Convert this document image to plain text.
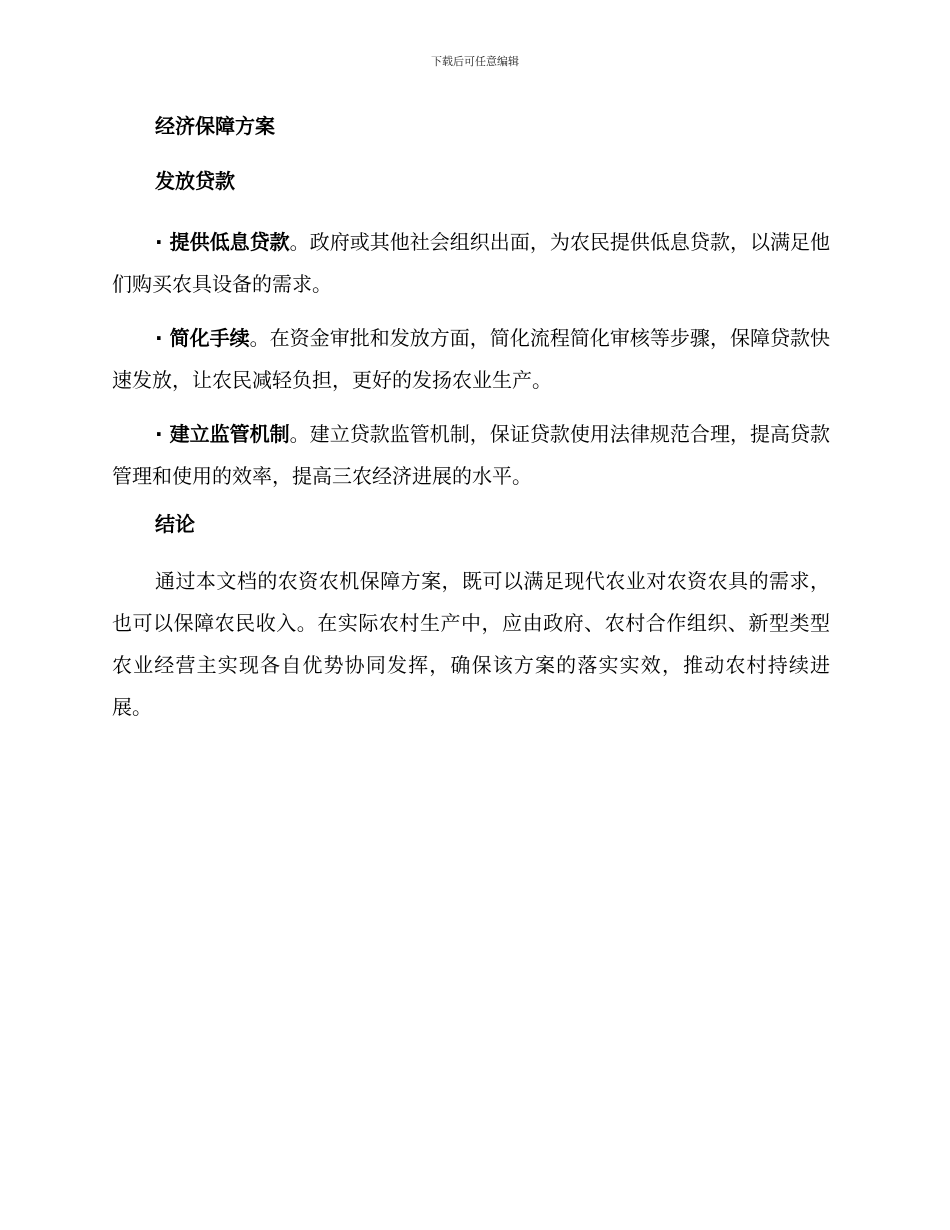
下载后可任意编辑
经济保障方案
发放贷款

· 提供低息贷款。政府或其他社会组织出面，为农民提供低息贷款，以满足他们购买农具设备的需求。

· 简化手续。在资金审批和发放方面，简化流程简化审核等步骤，保障贷款快速发放，让农民减轻负担，更好的发扬农业生产。

· 建立监管机制。建立贷款监管机制，保证贷款使用法律规范合理，提高贷款管理和使用的效率，提高三农经济进展的水平。

结论

通过本文档的农资农机保障方案，既可以满足现代农业对农资农具的需求，也可以保障农民收入。在实际农村生产中，应由政府、农村合作组织、新型类型农业经营主实现各自优势协同发挥，确保该方案的落实实效，推动农村持续进展。
